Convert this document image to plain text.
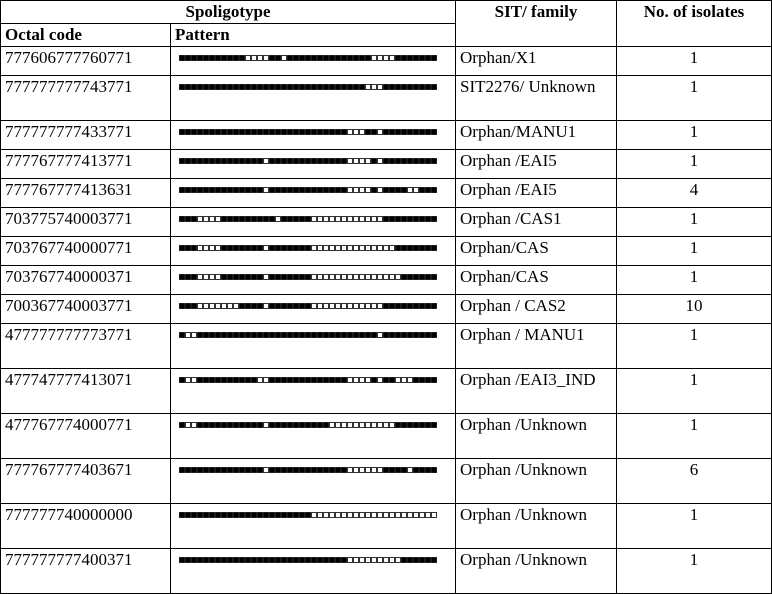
Spoligotype		SIT/ family	No. of isolates
Octal code	Pattern		
777606777760771		Orphan/X1	1
777777777743771		SIT2276/ Unknown	1
777777777433771		Orphan/MANU1	1
777767777413771		Orphan /EAI5	1
777767777413631		Orphan /EAI5	4
703775740003771		Orphan /CAS1	1
703767740000771		Orphan/CAS	1
703767740000371		Orphan/CAS	1
700367740003771		Orphan / CAS2	10
477777777773771		Orphan / MANU1	1
477747777413071		Orphan /EAI3_IND	1
477767774000771		Orphan /Unknown	1
777767777403671		Orphan /Unknown	6
777777740000000		Orphan /Unknown	1
777777777400371		Orphan /Unknown	1
